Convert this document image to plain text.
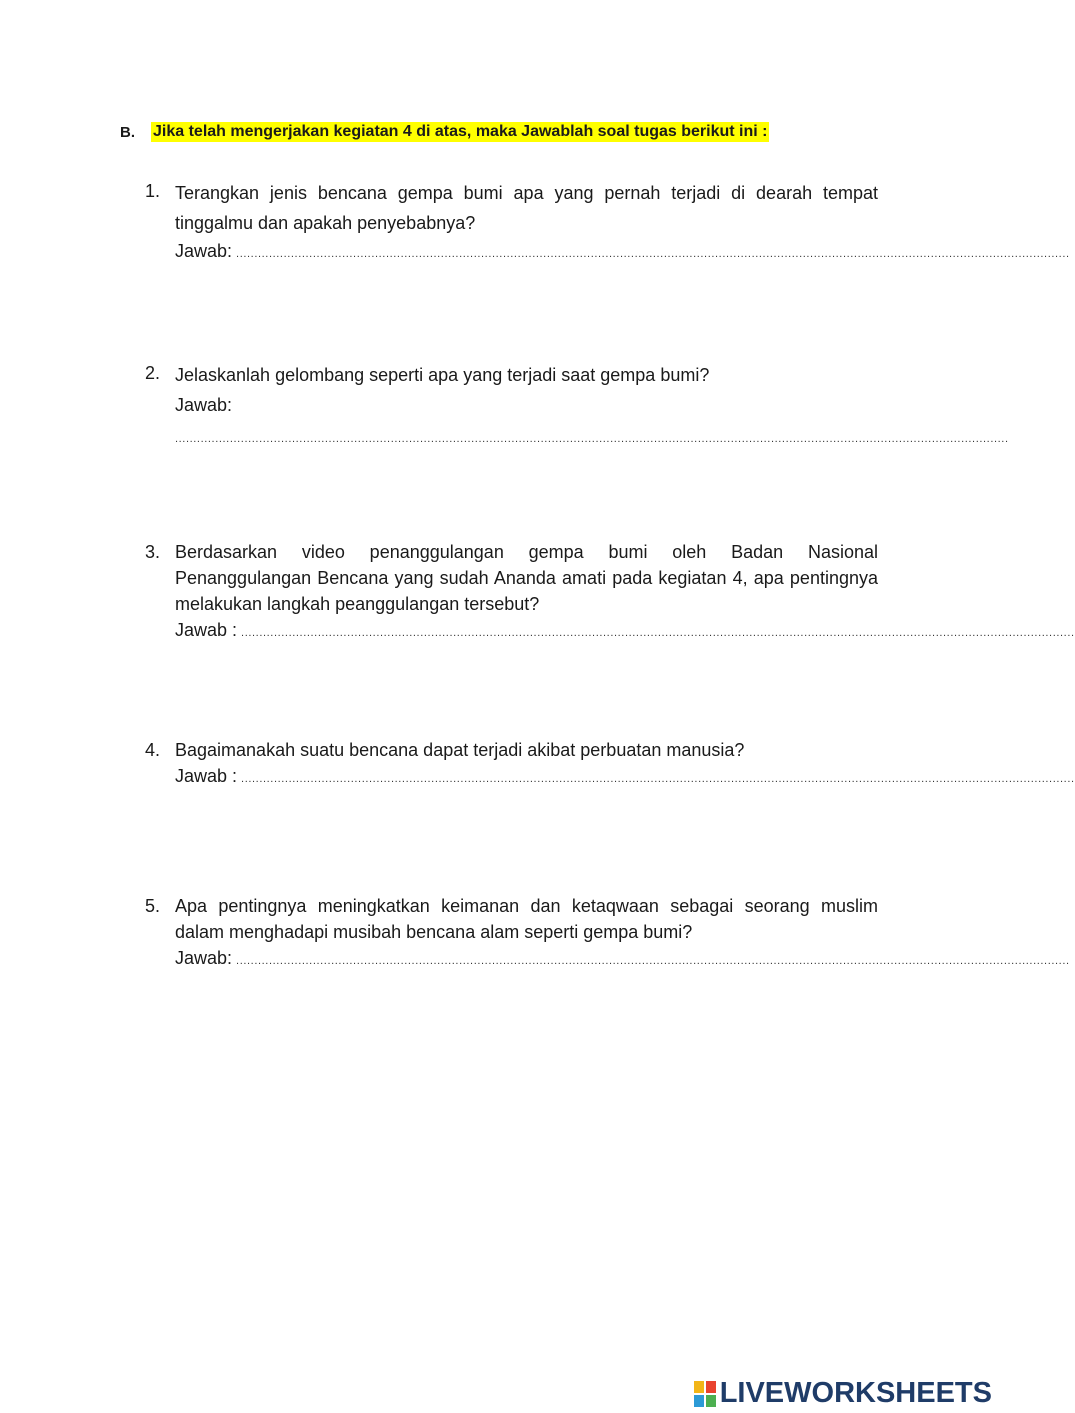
B.	Jika telah mengerjakan kegiatan 4 di atas, maka Jawablah soal tugas berikut ini :
1. Terangkan jenis bencana gempa bumi apa yang pernah terjadi di dearah tempat tinggalmu dan apakah penyebabnya?
Jawab: ....................................................................................................................................................................................................................................
2. Jelaskanlah gelombang seperti apa yang terjadi saat gempa bumi?
Jawab:
....................................................................................................................................................................................................................................
3. Berdasarkan video penanggulangan gempa bumi oleh Badan Nasional Penanggulangan Bencana yang sudah Ananda amati pada kegiatan 4, apa pentingnya melakukan langkah peanggulangan tersebut?
Jawab : ....................................................................................................................................................................................................................................
4. Bagaimanakah suatu bencana dapat terjadi akibat perbuatan manusia?
Jawab : ....................................................................................................................................................................................................................................
5. Apa pentingnya meningkatkan keimanan dan ketaqwaan sebagai seorang muslim dalam menghadapi musibah bencana alam seperti gempa bumi?
Jawab: ....................................................................................................................................................................................................................................
LIVEWORKSHEETS
